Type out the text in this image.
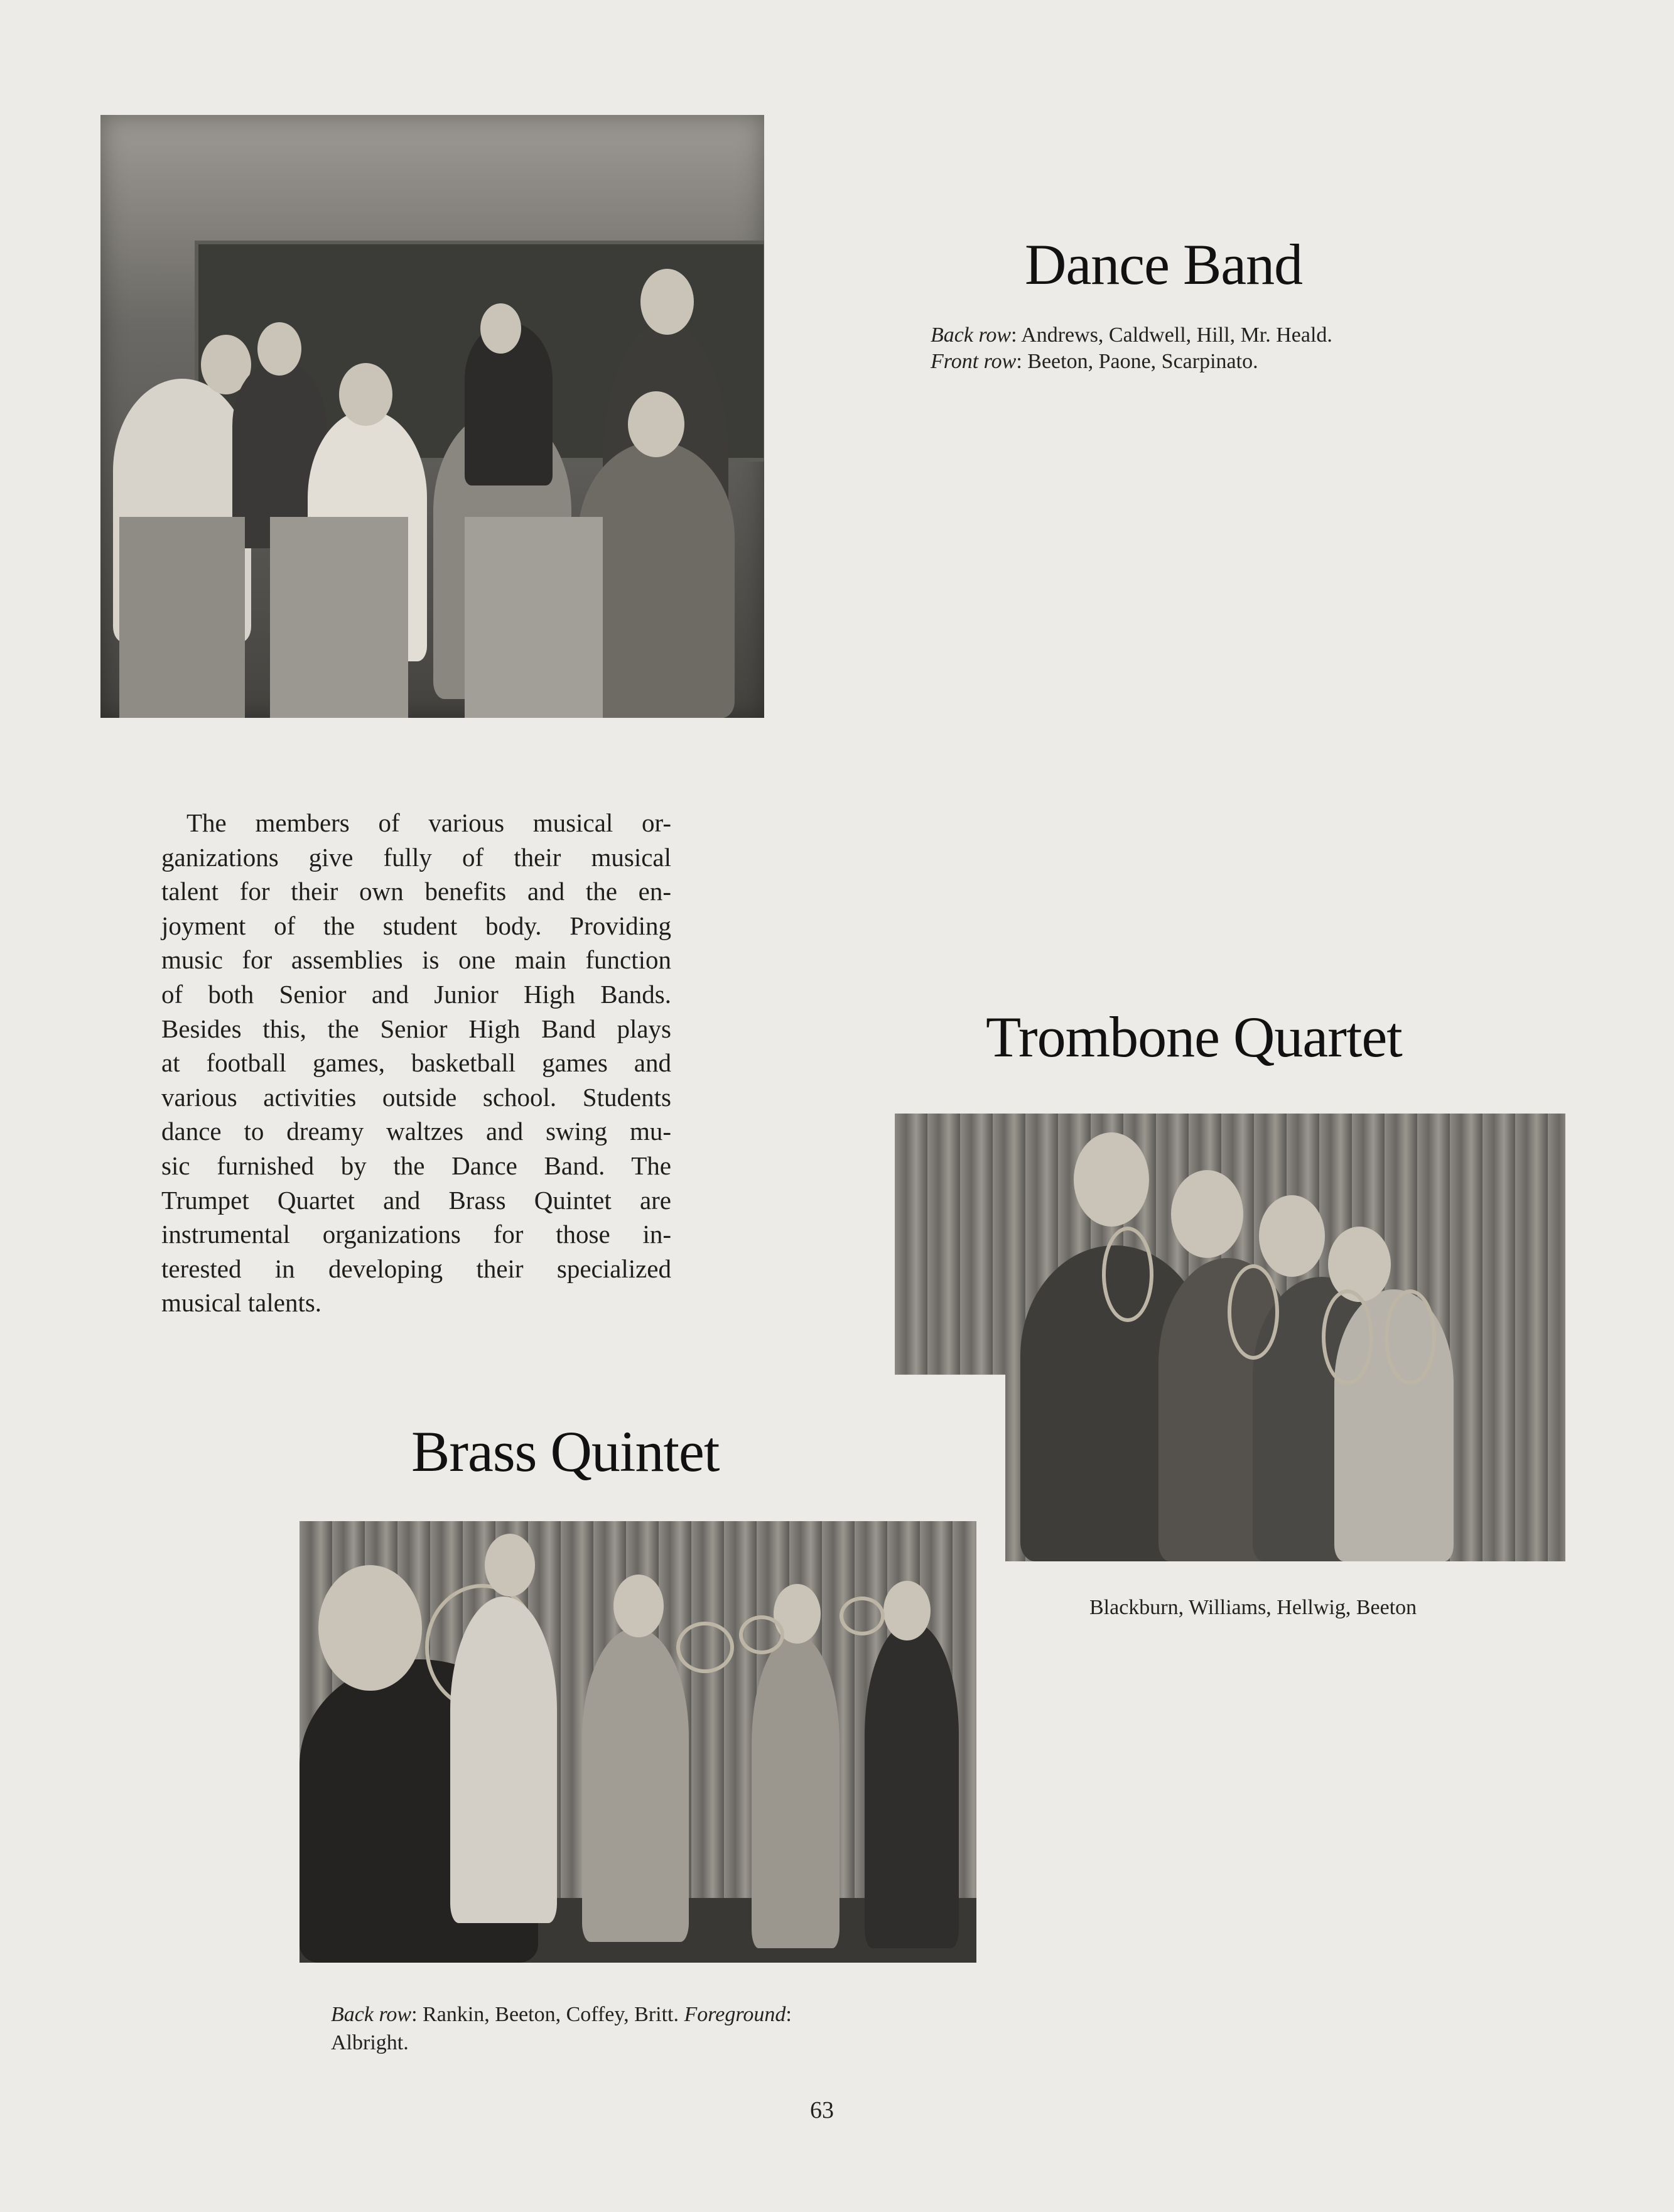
Dance Band

Back row: Andrews, Caldwell, Hill, Mr. Heald.

Front row: Beeton, Paone, Scarpinato.

The members of various musical or-
ganizations give fully of their musical
talent for their own benefits and the en-
joyment of the student body. Providing
music for assemblies is one main function
of both Senior and Junior High Bands.
Besides this, the Senior High Band plays
at football games, basketball games and
various activities outside school. Students
dance to dreamy waltzes and swing mu-
sic furnished by the Dance Band. The
Trumpet Quartet and Brass Quintet are
instrumental organizations for those in-
terested in developing their specialized
musical talents.
Trombone Quartet

Blackburn, Williams, Hellwig, Beeton

Brass Quintet

Back row: Rankin, Beeton, Coffey, Britt. Foreground:

Albright.

63
